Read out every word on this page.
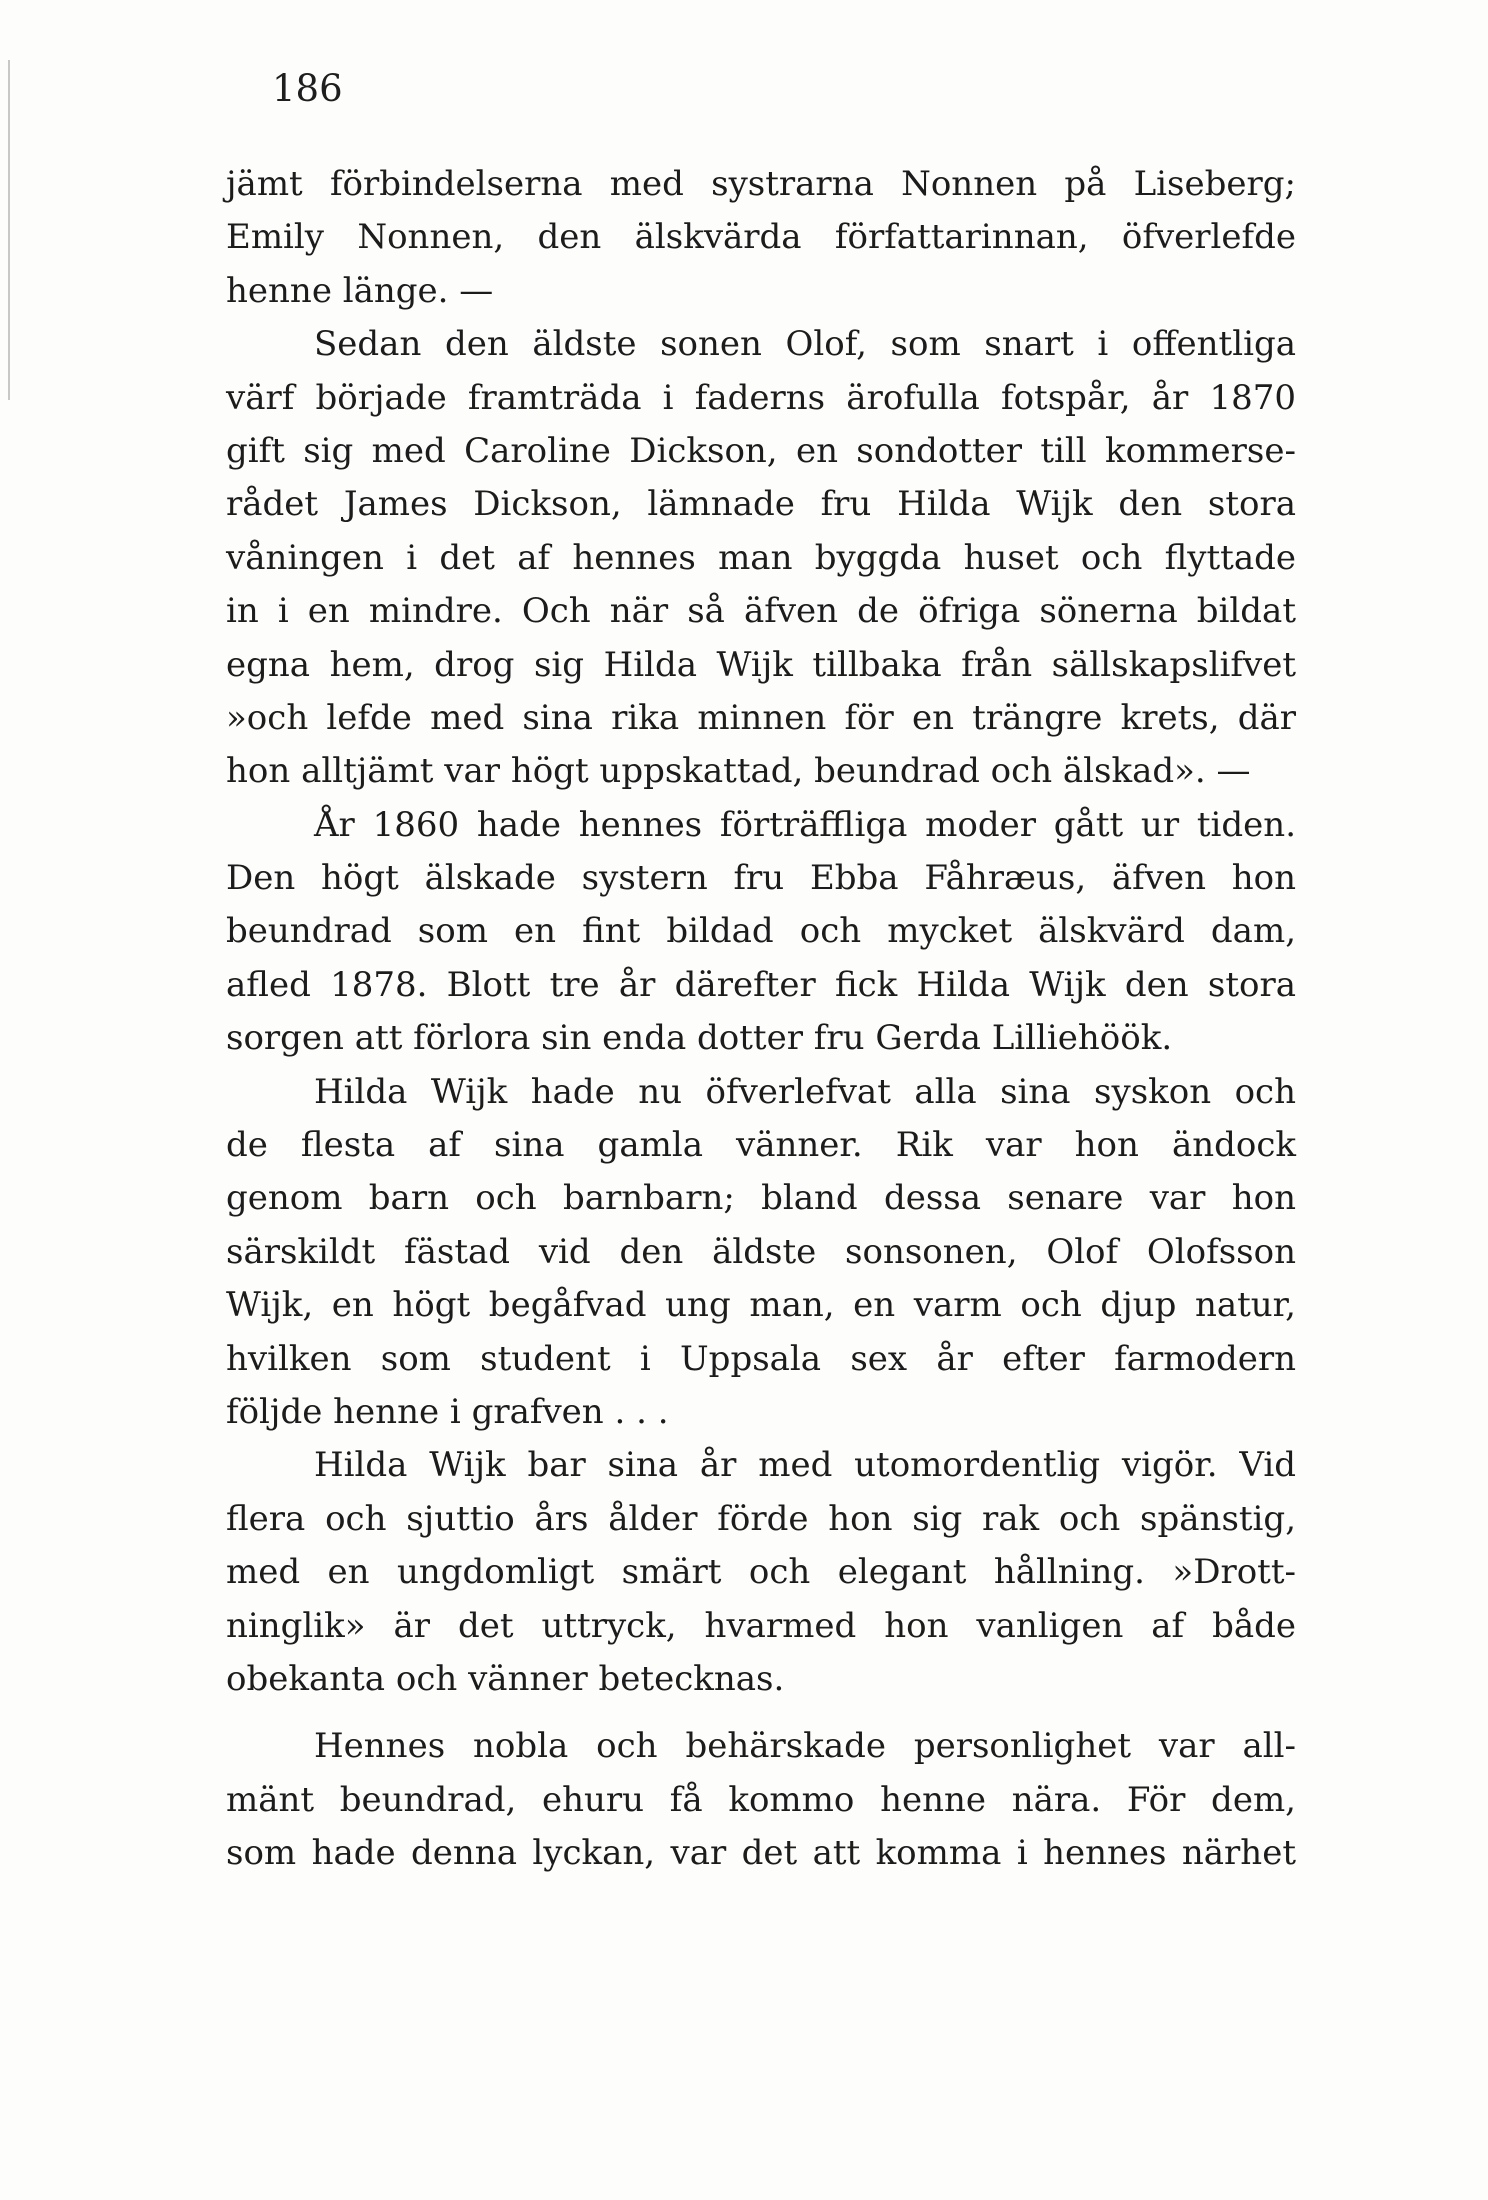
186
jämt förbindelserna med systrarna Nonnen på Liseberg;
Emily Nonnen, den älskvärda författarinnan, öfverlefde
henne länge. —
Sedan den äldste sonen Olof, som snart i offentliga
värf började framträda i faderns ärofulla fotspår, år 1870
gift sig med Caroline Dickson, en sondotter till kommerse-
rådet James Dickson, lämnade fru Hilda Wijk den stora
våningen i det af hennes man byggda huset och flyttade
in i en mindre. Och när så äfven de öfriga sönerna bildat
egna hem, drog sig Hilda Wijk tillbaka från sällskapslifvet
»och lefde med sina rika minnen för en trängre krets, där
hon alltjämt var högt uppskattad, beundrad och älskad». —
År 1860 hade hennes förträffliga moder gått ur tiden.
Den högt älskade systern fru Ebba Fåhræus, äfven hon
beundrad som en fint bildad och mycket älskvärd dam,
afled 1878. Blott tre år därefter fick Hilda Wijk den stora
sorgen att förlora sin enda dotter fru Gerda Lilliehöök.
Hilda Wijk hade nu öfverlefvat alla sina syskon och
de flesta af sina gamla vänner. Rik var hon ändock
genom barn och barnbarn; bland dessa senare var hon
särskildt fästad vid den äldste sonsonen, Olof Olofsson
Wijk, en högt begåfvad ung man, en varm och djup natur,
hvilken som student i Uppsala sex år efter farmodern
följde henne i grafven . . .
Hilda Wijk bar sina år med utomordentlig vigör. Vid
flera och sjuttio års ålder förde hon sig rak och spänstig,
med en ungdomligt smärt och elegant hållning. »Drott-
ninglik» är det uttryck, hvarmed hon vanligen af både
obekanta och vänner betecknas.
Hennes nobla och behärskade personlighet var all-
mänt beundrad, ehuru få kommo henne nära. För dem,
som hade denna lyckan, var det att komma i hennes närhet
